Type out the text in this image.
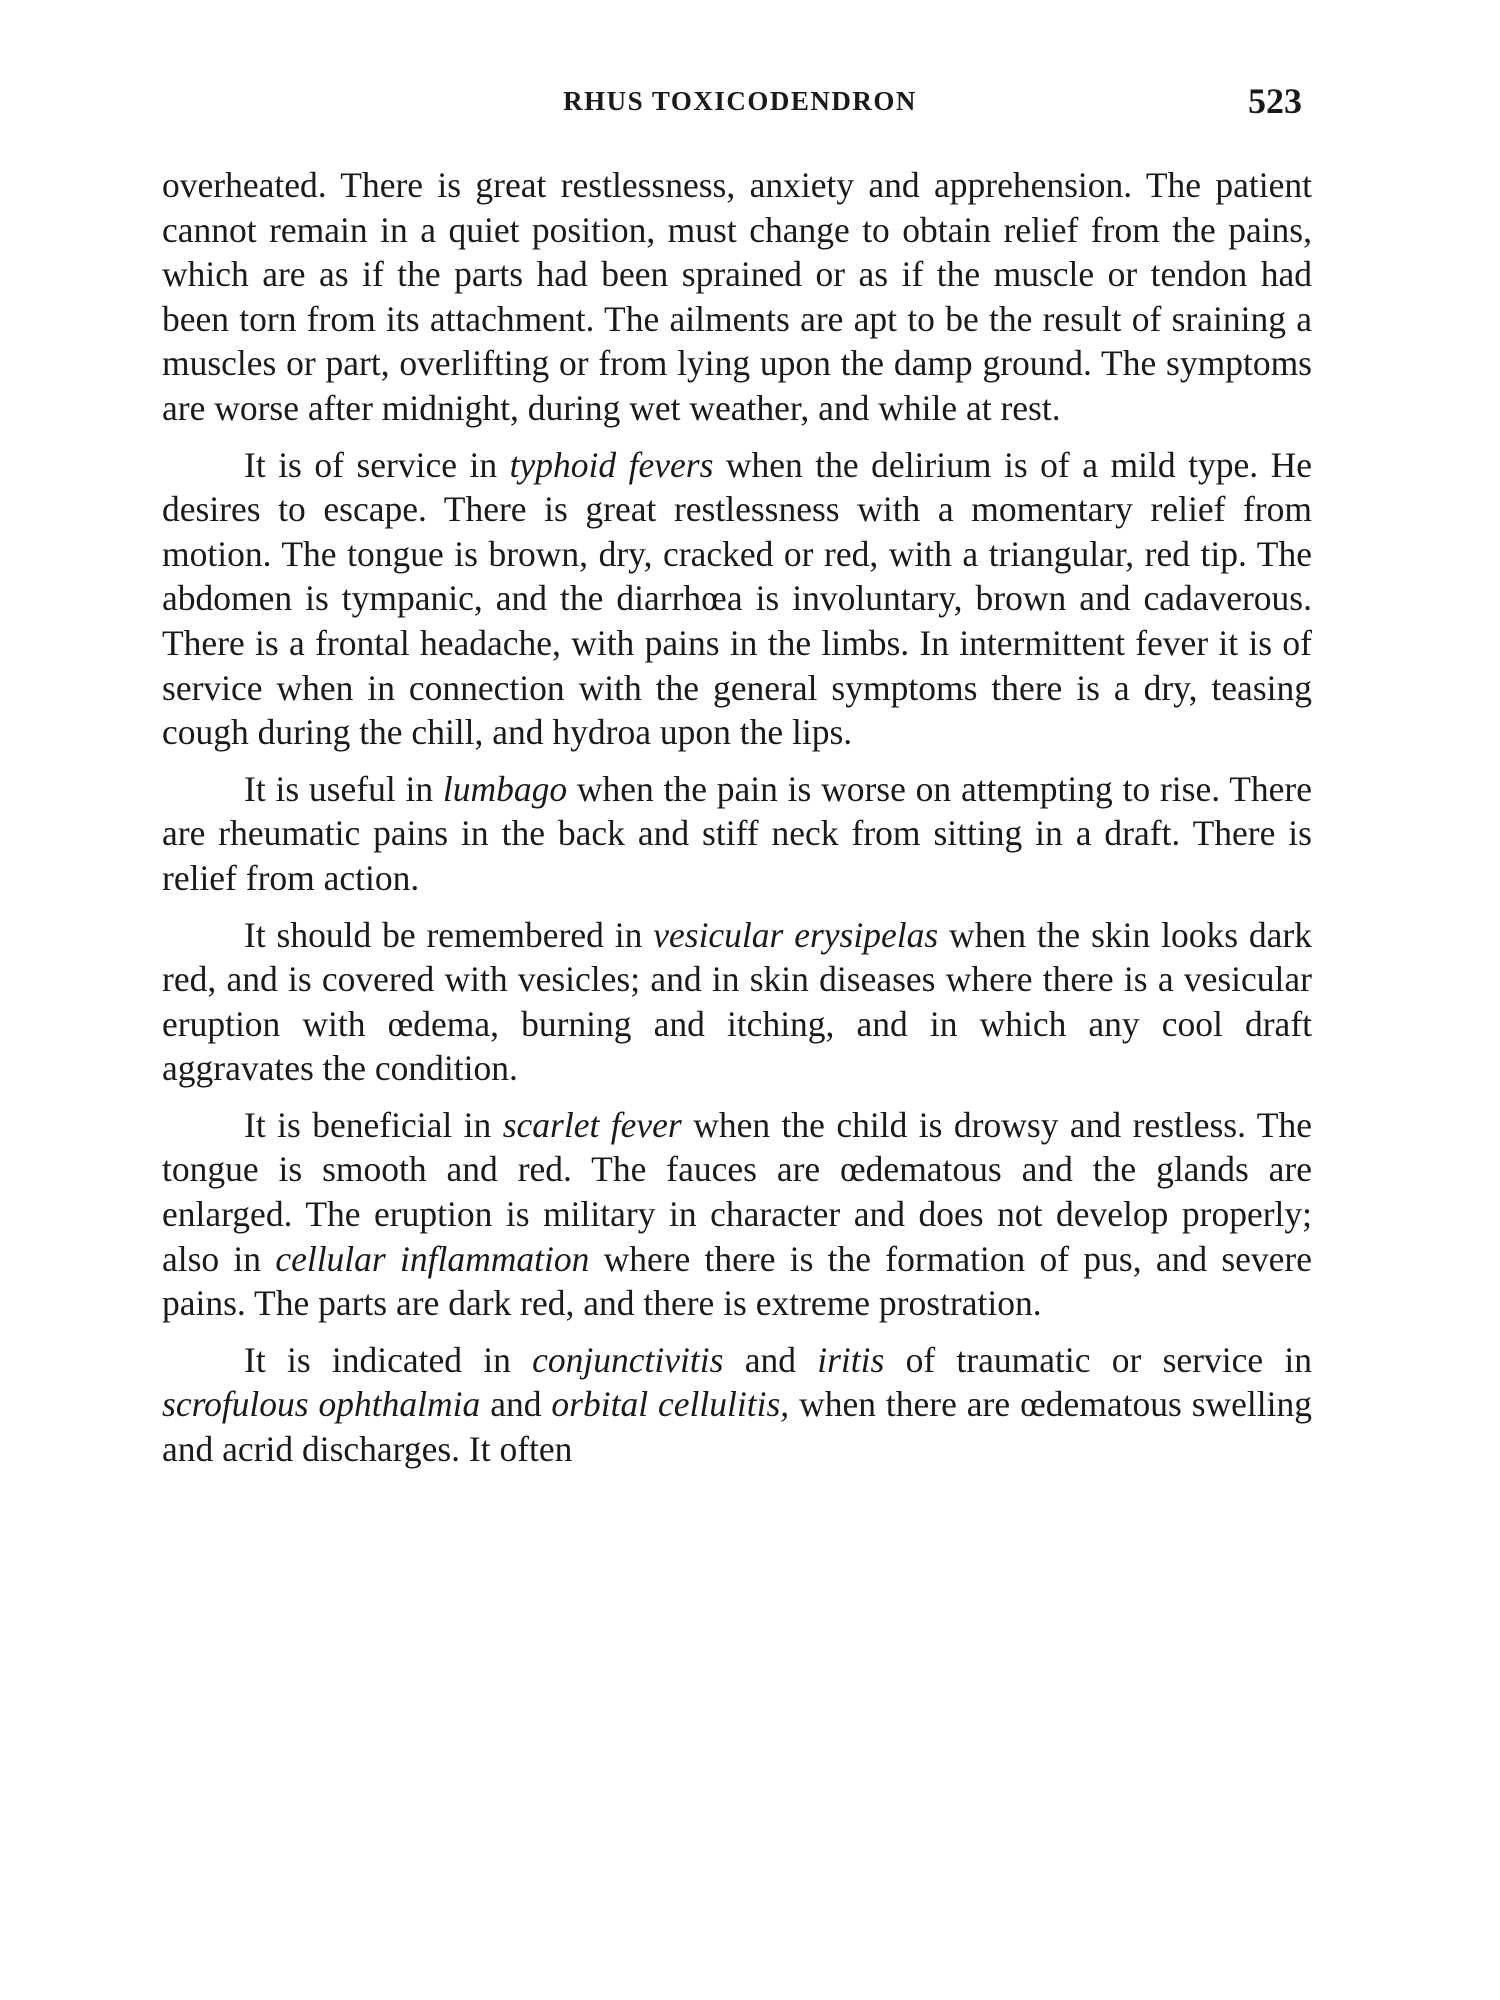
RHUS TOXICODENDRON	523

overheated. There is great restlessness, anxiety and apprehension. The patient cannot remain in a quiet position, must change to obtain relief from the pains, which are as if the parts had been sprained or as if the muscle or tendon had been torn from its attachment. The ailments are apt to be the result of sraining a muscles or part, overlifting or from lying upon the damp ground. The symptoms are worse after midnight, during wet weather, and while at rest.

It is of service in typhoid fevers when the delirium is of a mild type. He desires to escape. There is great restlessness with a momentary relief from motion. The tongue is brown, dry, cracked or red, with a triangular, red tip. The abdomen is tympanic, and the diarrhœa is involuntary, brown and cadaverous. There is a frontal headache, with pains in the limbs. In intermittent fever it is of service when in connection with the general symptoms there is a dry, teasing cough during the chill, and hydroa upon the lips.

It is useful in lumbago when the pain is worse on attempting to rise. There are rheumatic pains in the back and stiff neck from sitting in a draft. There is relief from action.

It should be remembered in vesicular erysipelas when the skin looks dark red, and is covered with vesicles; and in skin diseases where there is a vesicular eruption with œdema, burning and itching, and in which any cool draft aggravates the condition.

It is beneficial in scarlet fever when the child is drowsy and restless. The tongue is smooth and red. The fauces are œdematous and the glands are enlarged. The eruption is military in character and does not develop properly; also in cellular inflammation where there is the formation of pus, and severe pains. The parts are dark red, and there is extreme prostration.

It is indicated in conjunctivitis and iritis of traumatic or service in scrofulous ophthalmia and orbital cellulitis, when there are œdematous swelling and acrid discharges. It often
